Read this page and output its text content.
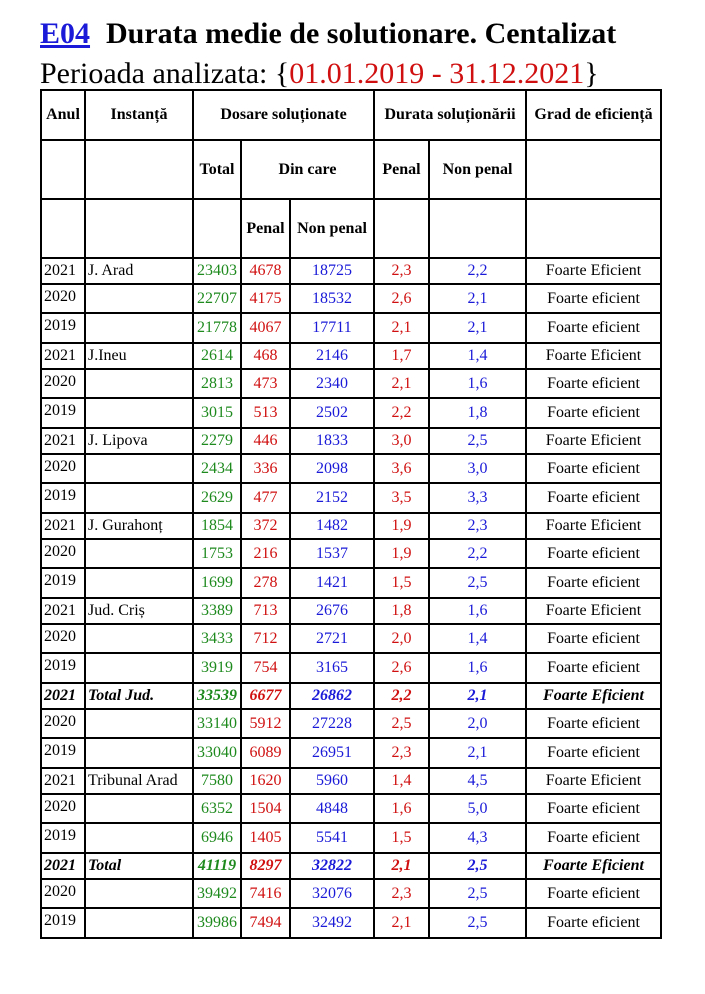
E04 Durata medie de solutionare. Centalizat
Perioada analizata: {01.01.2019 - 31.12.2021}
Anul	Instanță	Dosare soluționate			Durata soluționării		Grad de eficiență
		Total	Din care		Penal	Non penal	
			Penal	Non penal			
2021	J. Arad	23403	4678	18725	2,3	2,2	Foarte Eficient
2020		22707	4175	18532	2,6	2,1	Foarte eficient
2019		21778	4067	17711	2,1	2,1	Foarte eficient
2021	J.Ineu	2614	468	2146	1,7	1,4	Foarte Eficient
2020		2813	473	2340	2,1	1,6	Foarte eficient
2019		3015	513	2502	2,2	1,8	Foarte eficient
2021	J. Lipova	2279	446	1833	3,0	2,5	Foarte Eficient
2020		2434	336	2098	3,6	3,0	Foarte eficient
2019		2629	477	2152	3,5	3,3	Foarte eficient
2021	J. Gurahonț	1854	372	1482	1,9	2,3	Foarte Eficient
2020		1753	216	1537	1,9	2,2	Foarte eficient
2019		1699	278	1421	1,5	2,5	Foarte eficient
2021	Jud. Criș	3389	713	2676	1,8	1,6	Foarte Eficient
2020		3433	712	2721	2,0	1,4	Foarte eficient
2019		3919	754	3165	2,6	1,6	Foarte eficient
2021	Total Jud.	33539	6677	26862	2,2	2,1	Foarte Eficient
2020		33140	5912	27228	2,5	2,0	Foarte eficient
2019		33040	6089	26951	2,3	2,1	Foarte eficient
2021	Tribunal Arad	7580	1620	5960	1,4	4,5	Foarte Eficient
2020		6352	1504	4848	1,6	5,0	Foarte eficient
2019		6946	1405	5541	1,5	4,3	Foarte eficient
2021	Total	41119	8297	32822	2,1	2,5	Foarte Eficient
2020		39492	7416	32076	2,3	2,5	Foarte eficient
2019		39986	7494	32492	2,1	2,5	Foarte eficient
